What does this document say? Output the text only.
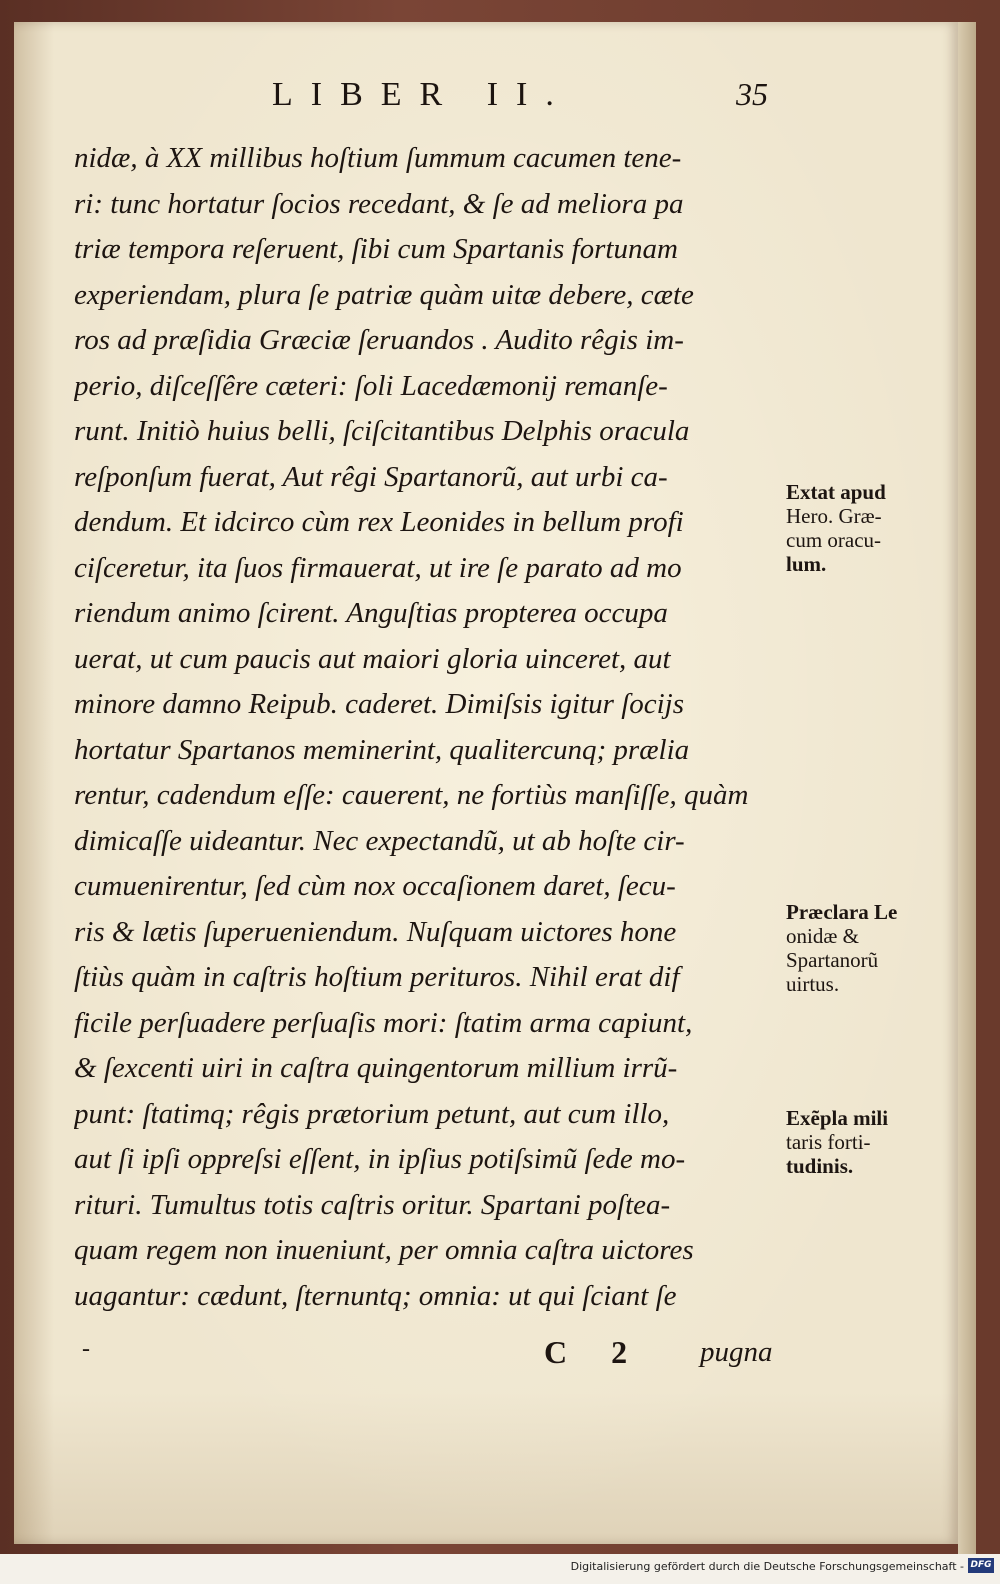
LIBER II.	35
nidæ, à XX millibus hoſtium ſummum cacumen tene-
ri: tunc hortatur ſocios recedant, & ſe ad meliora pa
triæ tempora reſeruent, ſibi cum Spartanis fortunam
experiendam, plura ſe patriæ quàm uitæ debere, cæte
ros ad præſidia Græciæ ſeruandos . Audito rêgis im-
perio, diſceſſêre cæteri: ſoli Lacedæmonij remanſe-
runt. Initiò huius belli, ſciſcitantibus Delphis oracula
reſponſum fuerat, Aut rêgi Spartanorũ, aut urbi ca-
dendum. Et idcirco cùm rex Leonides in bellum profi
ciſceretur, ita ſuos firmauerat, ut ire ſe parato ad mo
riendum animo ſcirent. Anguſtias propterea occupa
uerat, ut cum paucis aut maiori gloria uinceret, aut
minore damno Reipub. caderet. Dimiſsis igitur ſocijs
hortatur Spartanos meminerint, qualitercunq; prælia
rentur, cadendum eſſe: cauerent, ne fortiùs manſiſſe, quàm
dimicaſſe uideantur. Nec expectandũ, ut ab hoſte cir-
cumuenirentur, ſed cùm nox occaſionem daret, ſecu-
ris & lætis ſuperueniendum. Nuſquam uictores hone
ſtiùs quàm in caſtris hoſtium perituros. Nihil erat dif
ficile perſuadere perſuaſis mori: ſtatim arma capiunt,
& ſexcenti uiri in caſtra quingentorum millium irrũ-
punt: ſtatimq; rêgis prætorium petunt, aut cum illo,
aut ſi ipſi oppreſsi eſſent, in ipſius potiſsimũ ſede mo-
rituri. Tumultus totis caſtris oritur. Spartani poſtea-
quam regem non inueniunt, per omnia caſtra uictores
uagantur: cædunt, ſternuntq; omnia: ut qui ſciant ſe
Extat apud
Hero. Græ-
cum oracu-
lum.
Præclara Le
onidæ &
Spartanorũ
uirtus.
Exẽpla mili
taris forti-
tudinis.
-	C 2 pugna
Digitalisierung gefördert durch die Deutsche Forschungsgemeinschaft - DFG
